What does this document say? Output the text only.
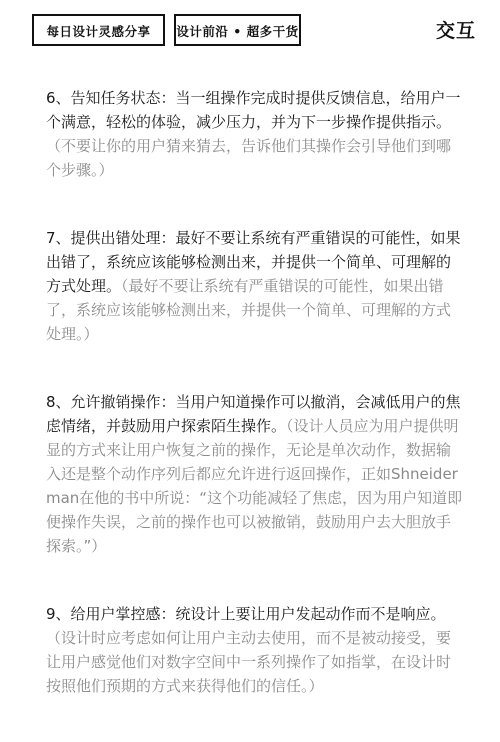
每日设计灵感分享	设计前沿 • 超多干货	交互

6、告知任务状态：当一组操作完成时提供反馈信息，给用户一个满意，轻松的体验，减少压力，并为下一步操作提供指示。（不要让你的用户猜来猜去，告诉他们其操作会引导他们到哪个步骤。）

7、提供出错处理：最好不要让系统有严重错误的可能性，如果出错了，系统应该能够检测出来，并提供一个简单、可理解的方式处理。（最好不要让系统有严重错误的可能性，如果出错了，系统应该能够检测出来，并提供一个简单、可理解的方式处理。）

8、允许撤销操作：当用户知道操作可以撤消，会减低用户的焦虑情绪，并鼓励用户探索陌生操作。（设计人员应为用户提供明显的方式来让用户恢复之前的操作，无论是单次动作，数据输入还是整个动作序列后都应允许进行返回操作，正如Shneiderman在他的书中所说：“这个功能减轻了焦虑，因为用户知道即便操作失误，之前的操作也可以被撤销，鼓励用户去大胆放手探索。”）

9、给用户掌控感：统设计上要让用户发起动作而不是响应。（设计时应考虑如何让用户主动去使用，而不是被动接受，要让用户感觉他们对数字空间中一系列操作了如指掌，在设计时按照他们预期的方式来获得他们的信任。）
